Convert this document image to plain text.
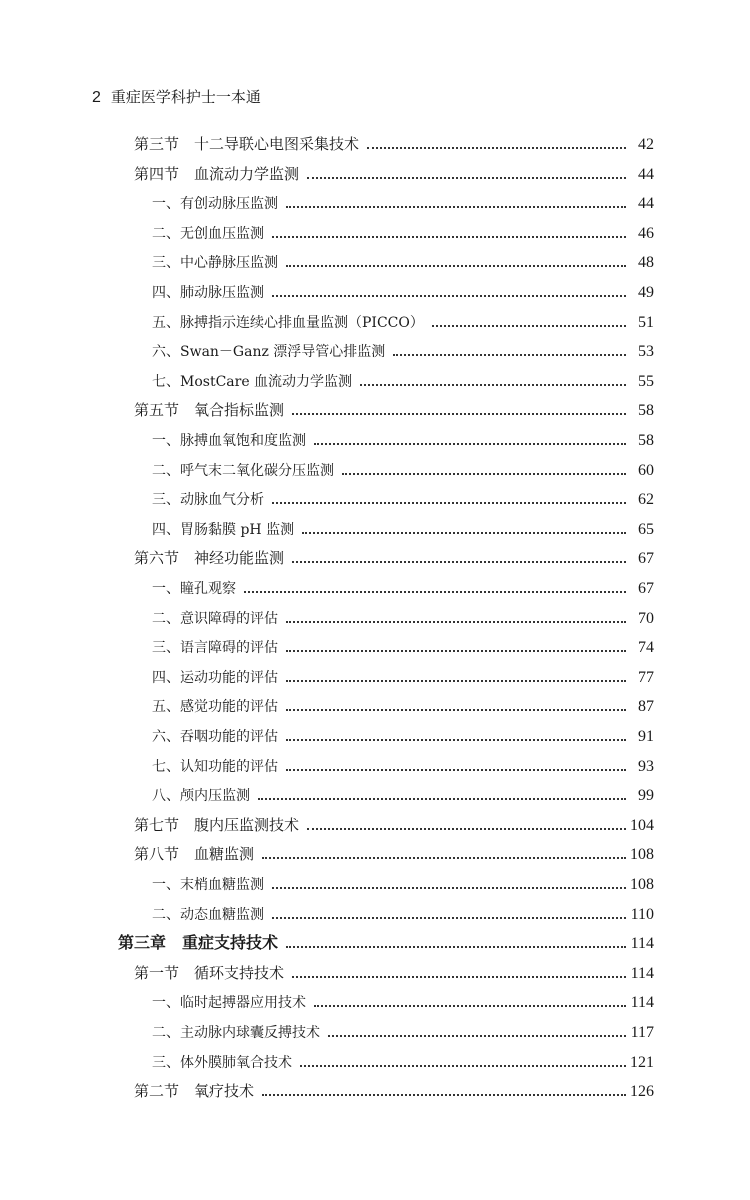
2 重症医学科护士一本通
第三节　十二导联心电图采集技术	42
第四节　血流动力学监测	44
一、有创动脉压监测	44
二、无创血压监测	46
三、中心静脉压监测	48
四、肺动脉压监测	49
五、脉搏指示连续心排血量监测（PICCO）	51
六、Swan－Ganz 漂浮导管心排监测	53
七、MostCare 血流动力学监测	55
第五节　氧合指标监测	58
一、脉搏血氧饱和度监测	58
二、呼气末二氧化碳分压监测	60
三、动脉血气分析	62
四、胃肠黏膜 pH 监测	65
第六节　神经功能监测	67
一、瞳孔观察	67
二、意识障碍的评估	70
三、语言障碍的评估	74
四、运动功能的评估	77
五、感觉功能的评估	87
六、吞咽功能的评估	91
七、认知功能的评估	93
八、颅内压监测	99
第七节　腹内压监测技术	104
第八节　血糖监测	108
一、末梢血糖监测	108
二、动态血糖监测	110
第三章　重症支持技术	114
第一节　循环支持技术	114
一、临时起搏器应用技术	114
二、主动脉内球囊反搏技术	117
三、体外膜肺氧合技术	121
第二节　氧疗技术	126
